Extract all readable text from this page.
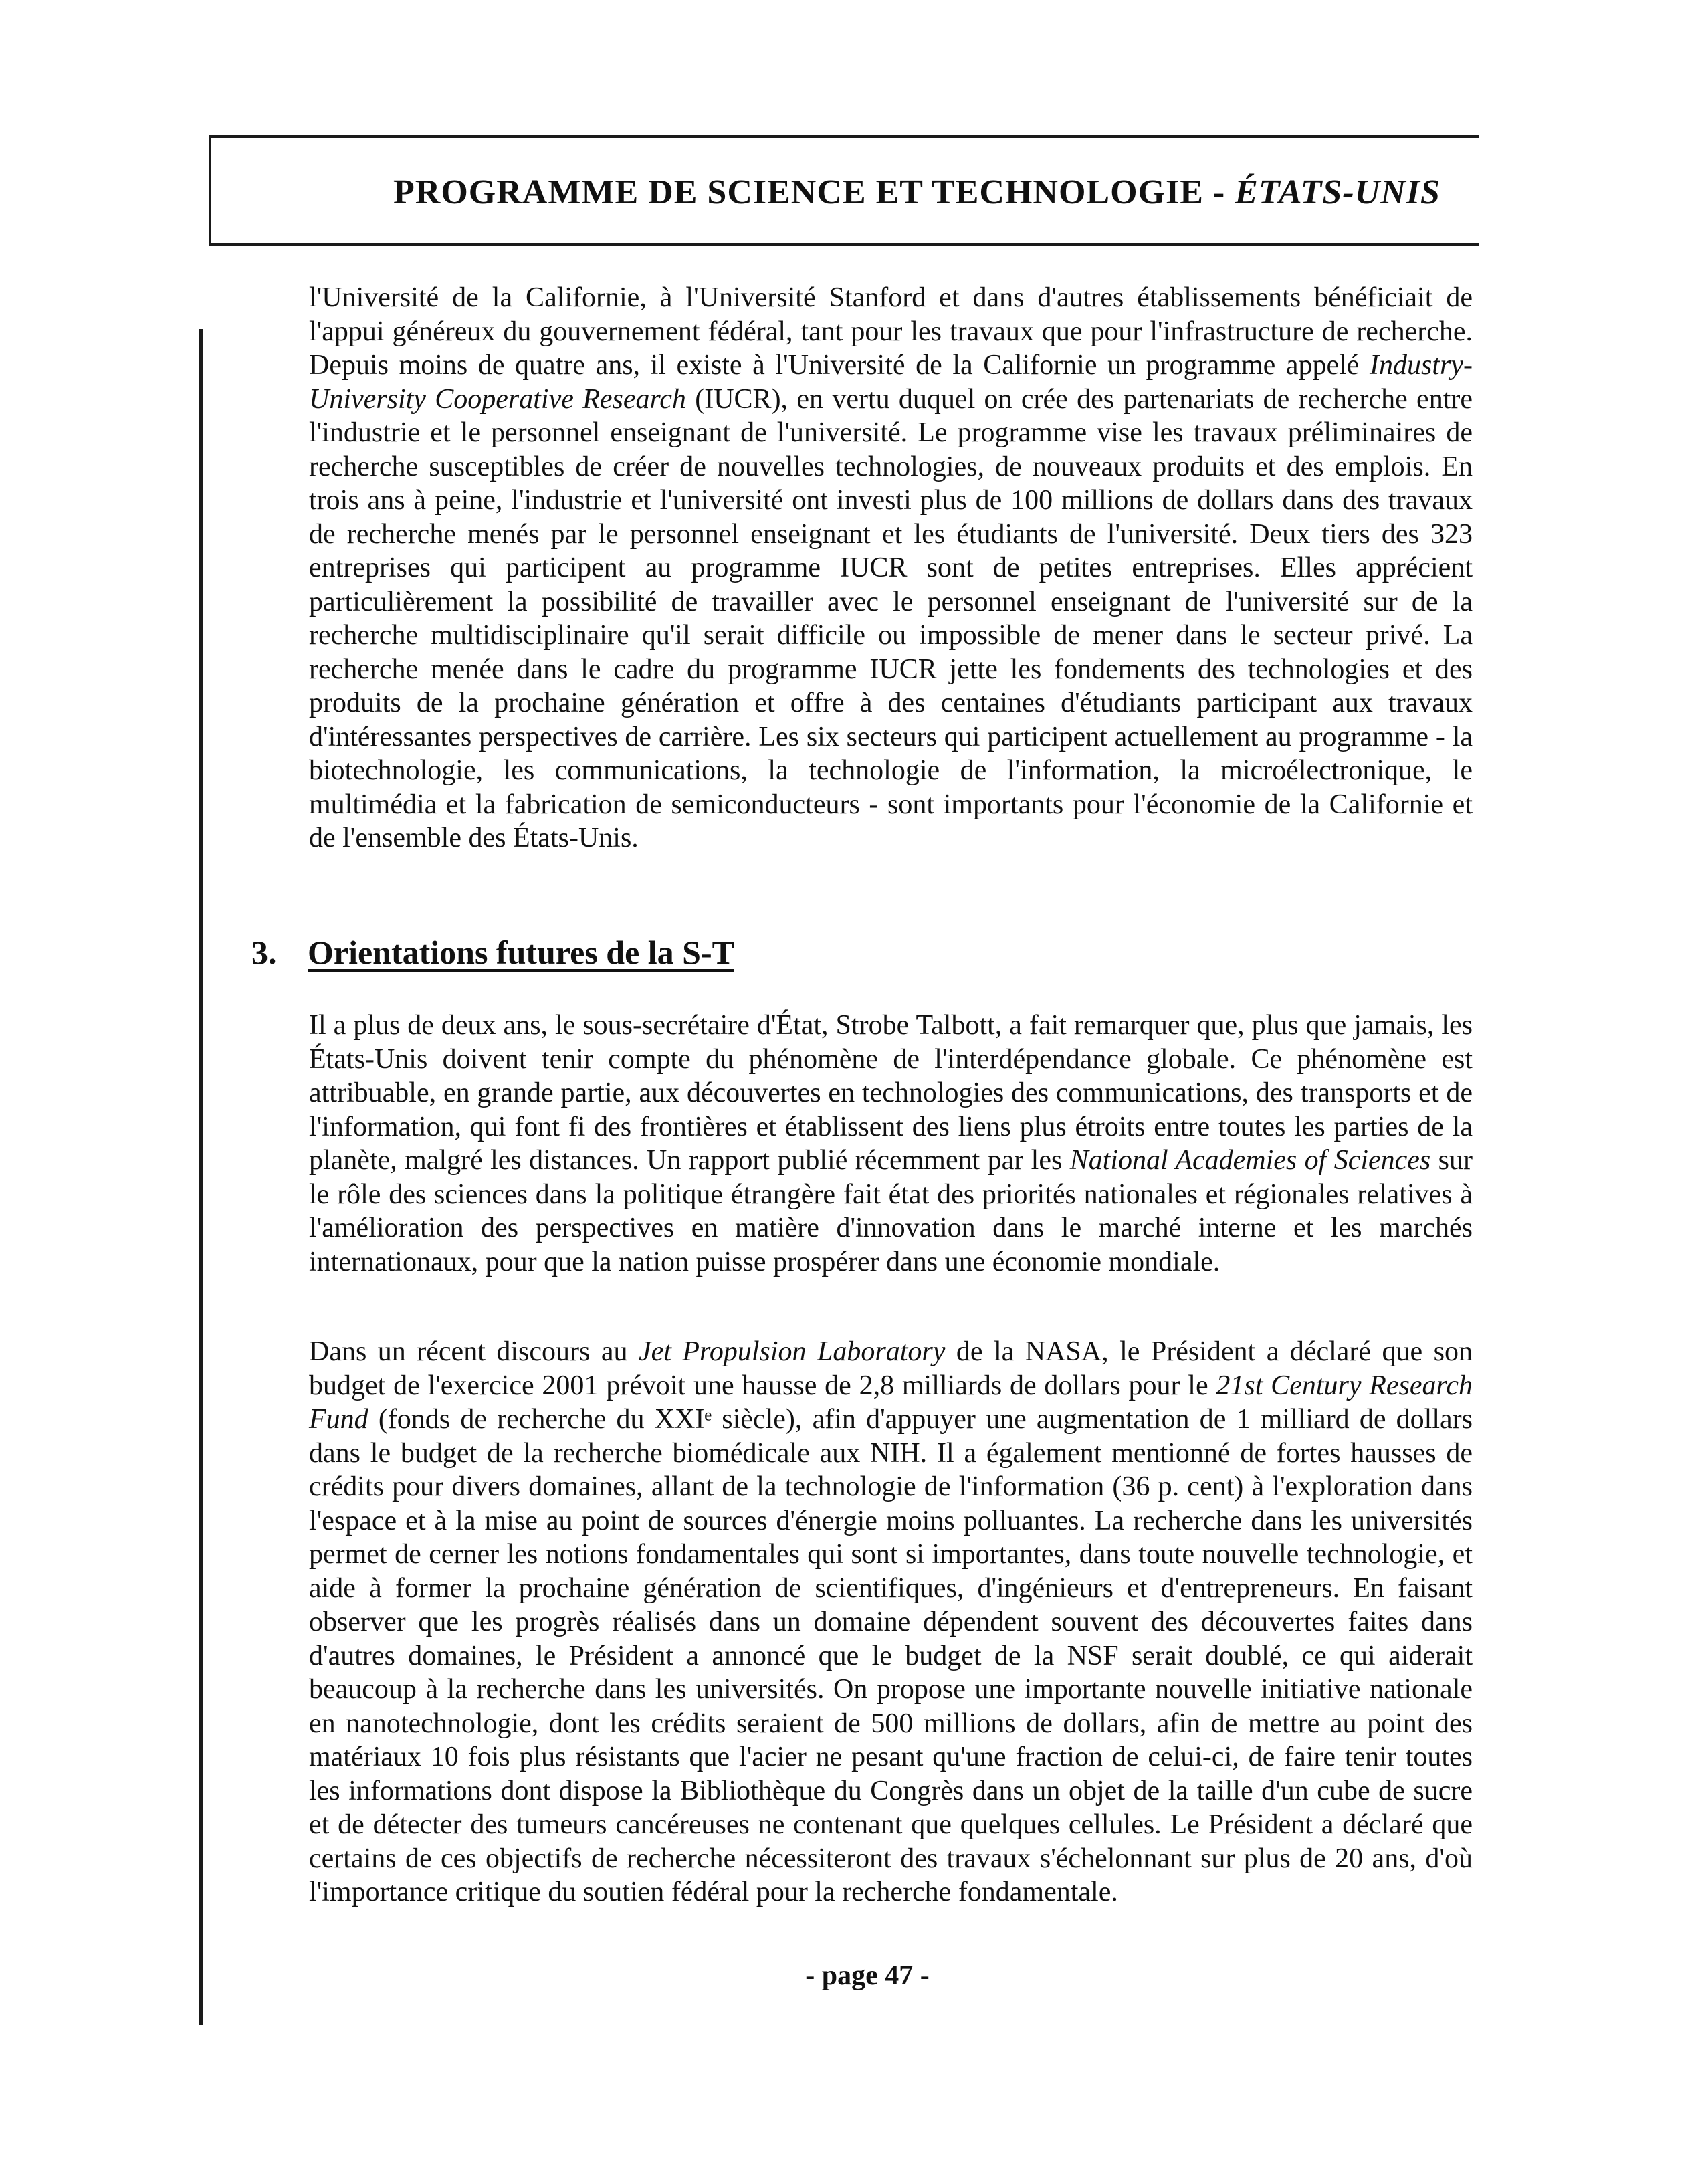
PROGRAMME DE SCIENCE ET TECHNOLOGIE - ÉTATS-UNIS
l'Université de la Californie, à l'Université Stanford et dans d'autres établissements bénéficiait de l'appui généreux du gouvernement fédéral, tant pour les travaux que pour l'infrastructure de recherche. Depuis moins de quatre ans, il existe à l'Université de la Californie un programme appelé Industry-University Cooperative Research (IUCR), en vertu duquel on crée des partenariats de recherche entre l'industrie et le personnel enseignant de l'université. Le programme vise les travaux préliminaires de recherche susceptibles de créer de nouvelles technologies, de nouveaux produits et des emplois. En trois ans à peine, l'industrie et l'université ont investi plus de 100 millions de dollars dans des travaux de recherche menés par le personnel enseignant et les étudiants de l'université. Deux tiers des 323 entreprises qui participent au programme IUCR sont de petites entreprises. Elles apprécient particulièrement la possibilité de travailler avec le personnel enseignant de l'université sur de la recherche multidisciplinaire qu'il serait difficile ou impossible de mener dans le secteur privé. La recherche menée dans le cadre du programme IUCR jette les fondements des technologies et des produits de la prochaine génération et offre à des centaines d'étudiants participant aux travaux d'intéressantes perspectives de carrière. Les six secteurs qui participent actuellement au programme - la biotechnologie, les communications, la technologie de l'information, la microélectronique, le multimédia et la fabrication de semiconducteurs - sont importants pour l'économie de la Californie et de l'ensemble des États-Unis.
3. Orientations futures de la S-T
Il a plus de deux ans, le sous-secrétaire d'État, Strobe Talbott, a fait remarquer que, plus que jamais, les États-Unis doivent tenir compte du phénomène de l'interdépendance globale. Ce phénomène est attribuable, en grande partie, aux découvertes en technologies des communications, des transports et de l'information, qui font fi des frontières et établissent des liens plus étroits entre toutes les parties de la planète, malgré les distances. Un rapport publié récemment par les National Academies of Sciences sur le rôle des sciences dans la politique étrangère fait état des priorités nationales et régionales relatives à l'amélioration des perspectives en matière d'innovation dans le marché interne et les marchés internationaux, pour que la nation puisse prospérer dans une économie mondiale.
Dans un récent discours au Jet Propulsion Laboratory de la NASA, le Président a déclaré que son budget de l'exercice 2001 prévoit une hausse de 2,8 milliards de dollars pour le 21st Century Research Fund (fonds de recherche du XXIᵉ siècle), afin d'appuyer une augmentation de 1 milliard de dollars dans le budget de la recherche biomédicale aux NIH. Il a également mentionné de fortes hausses de crédits pour divers domaines, allant de la technologie de l'information (36 p. cent) à l'exploration dans l'espace et à la mise au point de sources d'énergie moins polluantes. La recherche dans les universités permet de cerner les notions fondamentales qui sont si importantes, dans toute nouvelle technologie, et aide à former la prochaine génération de scientifiques, d'ingénieurs et d'entrepreneurs. En faisant observer que les progrès réalisés dans un domaine dépendent souvent des découvertes faites dans d'autres domaines, le Président a annoncé que le budget de la NSF serait doublé, ce qui aiderait beaucoup à la recherche dans les universités. On propose une importante nouvelle initiative nationale en nanotechnologie, dont les crédits seraient de 500 millions de dollars, afin de mettre au point des matériaux 10 fois plus résistants que l'acier ne pesant qu'une fraction de celui-ci, de faire tenir toutes les informations dont dispose la Bibliothèque du Congrès dans un objet de la taille d'un cube de sucre et de détecter des tumeurs cancéreuses ne contenant que quelques cellules. Le Président a déclaré que certains de ces objectifs de recherche nécessiteront des travaux s'échelonnant sur plus de 20 ans, d'où l'importance critique du soutien fédéral pour la recherche fondamentale.
- page 47 -
